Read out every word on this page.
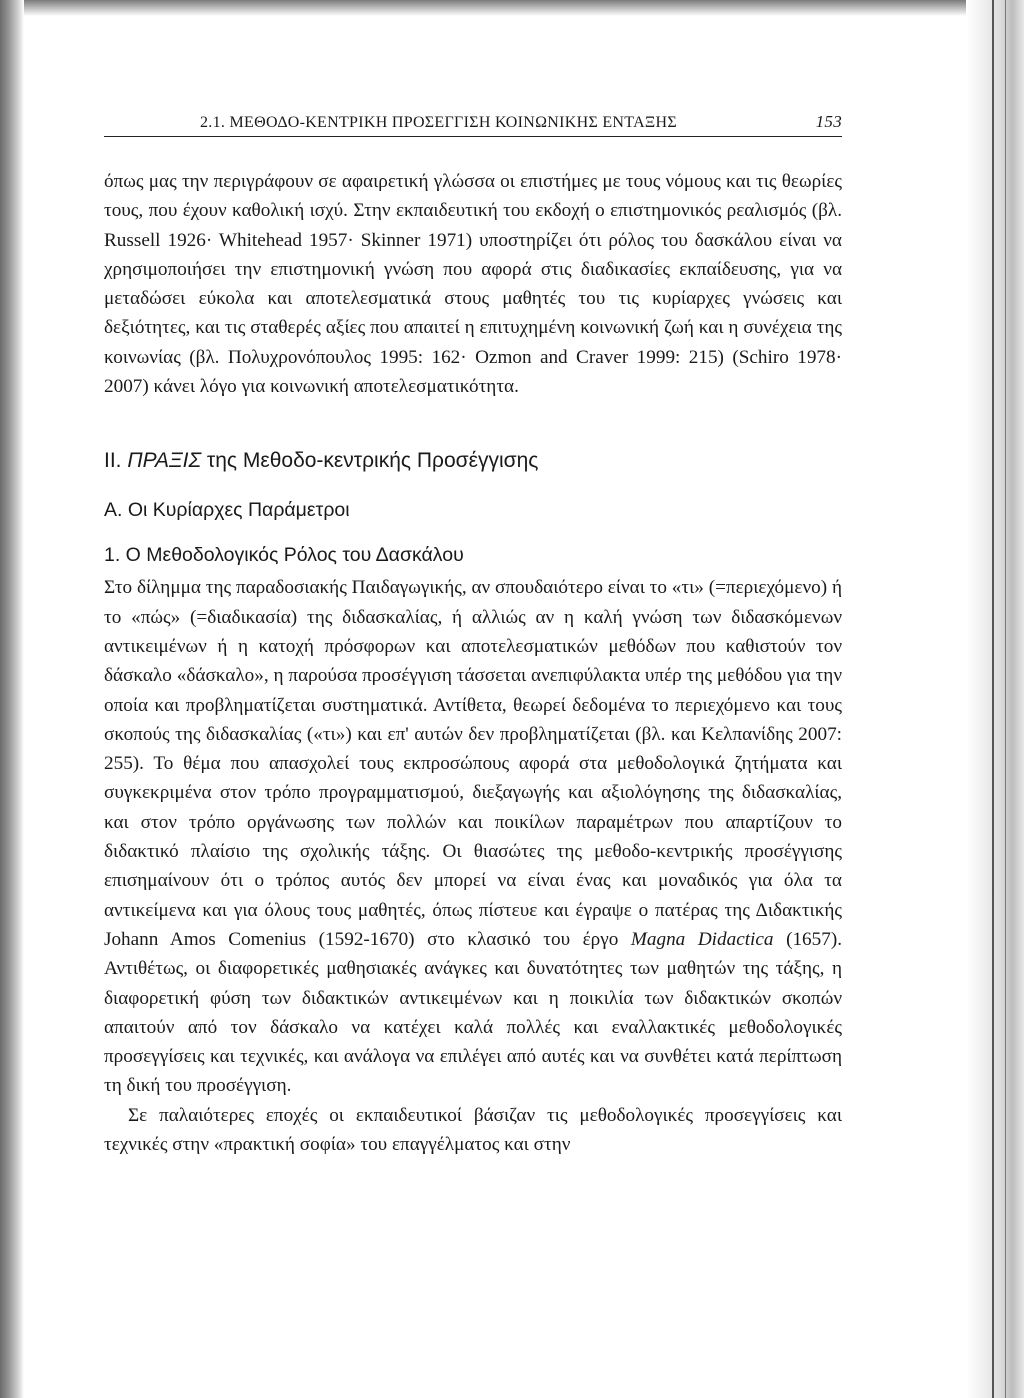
2.1. ΜΕΘΟΔΟ-ΚΕΝΤΡΙΚΗ ΠΡΟΣΕΓΓΙΣΗ ΚΟΙΝΩΝΙΚΗΣ ΕΝΤΑΞΗΣ	153

όπως μας την περιγράφουν σε αφαιρετική γλώσσα οι επιστήμες με τους νόμους και τις θεωρίες τους, που έχουν καθολική ισχύ. Στην εκπαιδευτική του εκδοχή ο επιστημονικός ρεαλισμός (βλ. Russell 1926· Whitehead 1957· Skinner 1971) υποστηρίζει ότι ρόλος του δασκάλου είναι να χρησιμοποιήσει την επιστημονική γνώση που αφορά στις διαδικασίες εκπαίδευσης, για να μεταδώσει εύκολα και αποτελεσματικά στους μαθητές του τις κυρίαρχες γνώσεις και δεξιότητες, και τις σταθερές αξίες που απαιτεί η επιτυχημένη κοινωνική ζωή και η συνέχεια της κοινωνίας (βλ. Πολυχρονόπουλος 1995: 162· Ozmon and Craver 1999: 215) (Schiro 1978· 2007) κάνει λόγο για κοινωνική αποτελεσματικότητα.

ΙΙ. ΠΡΑΞΙΣ της Μεθοδο-κεντρικής Προσέγγισης
Α. Οι Κυρίαρχες Παράμετροι
1. Ο Μεθοδολογικός Ρόλος του Δασκάλου

Στο δίλημμα της παραδοσιακής Παιδαγωγικής, αν σπουδαιότερο είναι το «τι» (=περιεχόμενο) ή το «πώς» (=διαδικασία) της διδασκαλίας, ή αλλιώς αν η καλή γνώση των διδασκόμενων αντικειμένων ή η κατοχή πρόσφορων και αποτελεσματικών μεθόδων που καθιστούν τον δάσκαλο «δάσκαλο», η παρούσα προσέγγιση τάσσεται ανεπιφύλακτα υπέρ της μεθόδου για την οποία και προβληματίζεται συστηματικά. Αντίθετα, θεωρεί δεδομένα το περιεχόμενο και τους σκοπούς της διδασκαλίας («τι») και επ' αυτών δεν προβληματίζεται (βλ. και Κελπανίδης 2007: 255). Το θέμα που απασχολεί τους εκπροσώπους αφορά στα μεθοδολογικά ζητήματα και συγκεκριμένα στον τρόπο προγραμματισμού, διεξαγωγής και αξιολόγησης της διδασκαλίας, και στον τρόπο οργάνωσης των πολλών και ποικίλων παραμέτρων που απαρτίζουν το διδακτικό πλαίσιο της σχολικής τάξης. Οι θιασώτες της μεθοδο-κεντρικής προσέγγισης επισημαίνουν ότι ο τρόπος αυτός δεν μπορεί να είναι ένας και μοναδικός για όλα τα αντικείμενα και για όλους τους μαθητές, όπως πίστευε και έγραψε ο πατέρας της Διδακτικής Johann Amos Comenius (1592-1670) στο κλασικό του έργο Magna Didactica (1657). Αντιθέτως, οι διαφορετικές μαθησιακές ανάγκες και δυνατότητες των μαθητών της τάξης, η διαφορετική φύση των διδακτικών αντικειμένων και η ποικιλία των διδακτικών σκοπών απαιτούν από τον δάσκαλο να κατέχει καλά πολλές και εναλλακτικές μεθοδολογικές προσεγγίσεις και τεχνικές, και ανάλογα να επιλέγει από αυτές και να συνθέτει κατά περίπτωση τη δική του προσέγγιση.

Σε παλαιότερες εποχές οι εκπαιδευτικοί βάσιζαν τις μεθοδολογικές προσεγγίσεις και τεχνικές στην «πρακτική σοφία» του επαγγέλματος και στην
